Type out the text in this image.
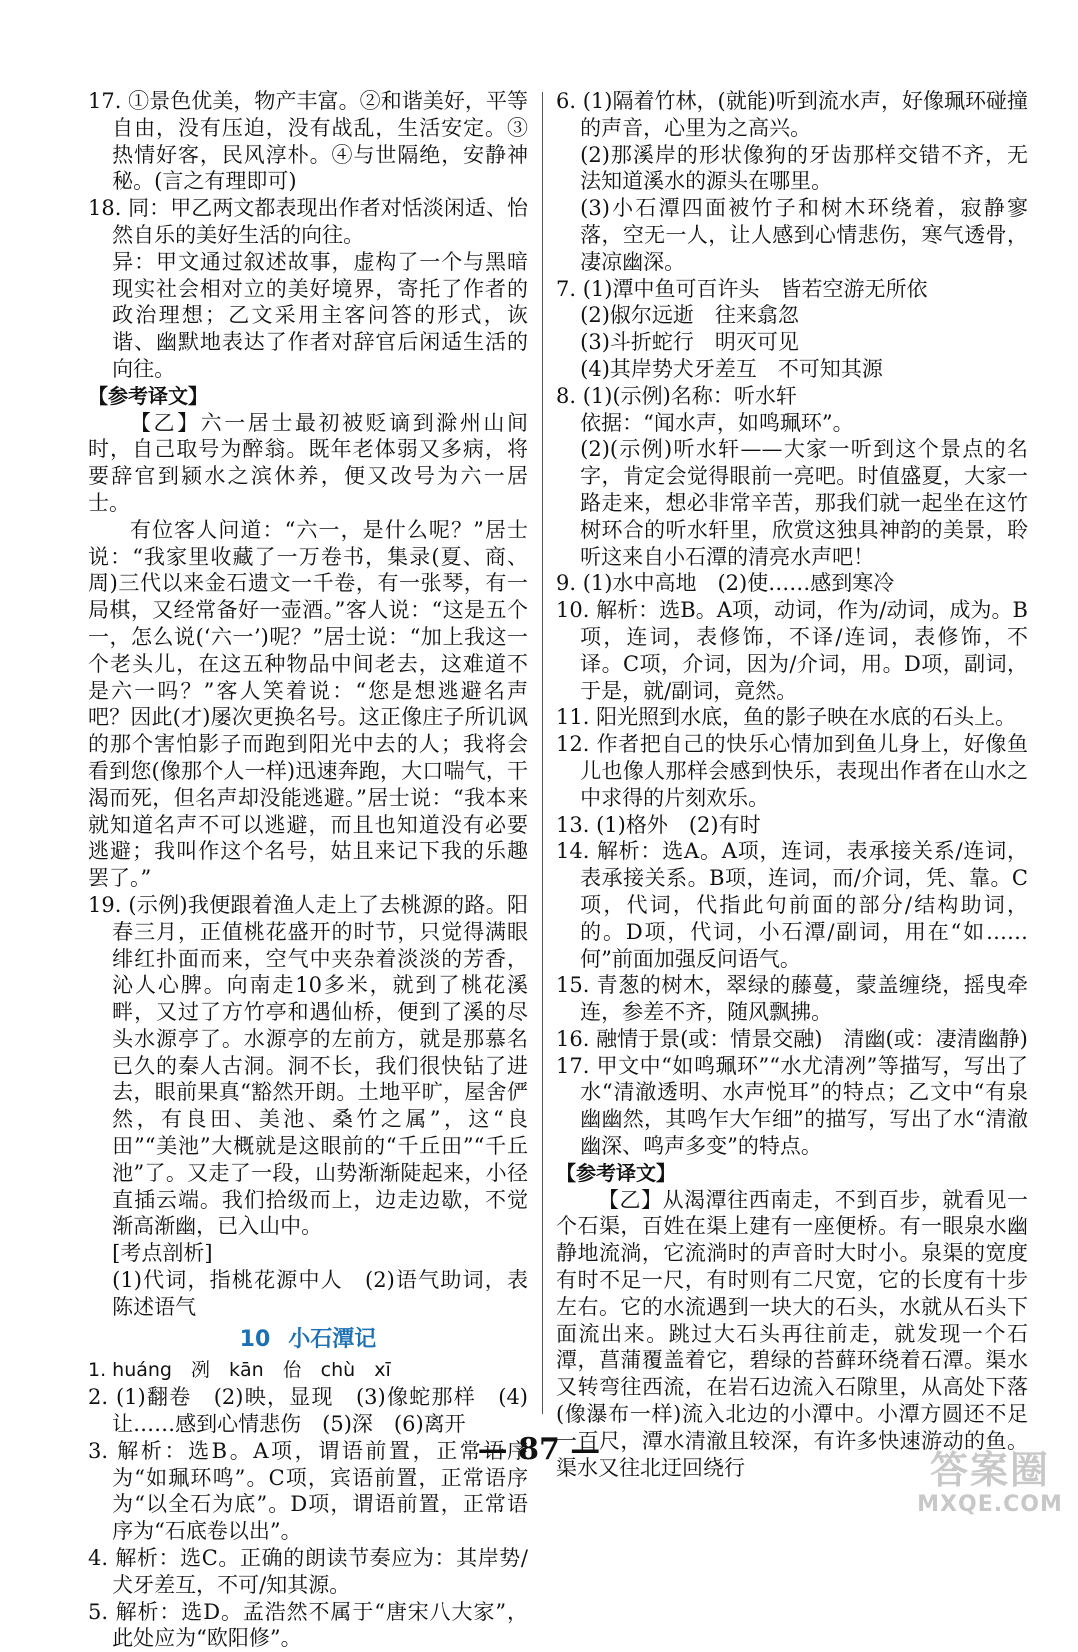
17. ①景色优美，物产丰富。②和谐美好，平等自由，没有压迫，没有战乱，生活安定。③热情好客，民风淳朴。④与世隔绝，安静神秘。(言之有理即可)

18. 同：甲乙两文都表现出作者对恬淡闲适、怡然自乐的美好生活的向往。

异：甲文通过叙述故事，虚构了一个与黑暗现实社会相对立的美好境界，寄托了作者的政治理想；乙文采用主客问答的形式，诙谐、幽默地表达了作者对辞官后闲适生活的向往。

【参考译文】

【乙】六一居士最初被贬谪到滁州山间时，自己取号为醉翁。既年老体弱又多病，将要辞官到颍水之滨休养，便又改号为六一居士。

有位客人问道：“六一，是什么呢？”居士说：“我家里收藏了一万卷书，集录(夏、商、周)三代以来金石遗文一千卷，有一张琴，有一局棋，又经常备好一壶酒。”客人说：“这是五个一，怎么说(‘六一’)呢？”居士说：“加上我这一个老头儿，在这五种物品中间老去，这难道不是六一吗？”客人笑着说：“您是想逃避名声吧？因此(才)屡次更换名号。这正像庄子所讥讽的那个害怕影子而跑到阳光中去的人；我将会看到您(像那个人一样)迅速奔跑，大口喘气，干渴而死，但名声却没能逃避。”居士说：“我本来就知道名声不可以逃避，而且也知道没有必要逃避；我叫作这个名号，姑且来记下我的乐趣罢了。”

19. (示例)我便跟着渔人走上了去桃源的路。阳春三月，正值桃花盛开的时节，只觉得满眼绯红扑面而来，空气中夹杂着淡淡的芳香，沁人心脾。向南走10多米，就到了桃花溪畔，又过了方竹亭和遇仙桥，便到了溪的尽头水源亭了。水源亭的左前方，就是那慕名已久的秦人古洞。洞不长，我们很快钻了进去，眼前果真“豁然开朗。土地平旷，屋舍俨然，有良田、美池、桑竹之属”，这“良田”“美池”大概就是这眼前的“千丘田”“千丘池”了。又走了一段，山势渐渐陡起来，小径直插云端。我们拾级而上，边走边歇，不觉渐高渐幽，已入山中。

[考点剖析]

(1)代词，指桃花源中人　(2)语气助词，表陈述语气

10 小石潭记

1. huáng　冽　kān　佁　chù　xī

2. (1)翻卷　(2)映，显现　(3)像蛇那样　(4)让……感到心情悲伤　(5)深　(6)离开

3. 解析：选B。A项，谓语前置，正常语序为“如珮环鸣”。C项，宾语前置，正常语序为“以全石为底”。D项，谓语前置，正常语序为“石底卷以出”。

4. 解析：选C。正确的朗读节奏应为：其岸势/犬牙差互，不可/知其源。

5. 解析：选D。孟浩然不属于“唐宋八大家”，此处应为“欧阳修”。

6. (1)隔着竹林，(就能)听到流水声，好像珮环碰撞的声音，心里为之高兴。

(2)那溪岸的形状像狗的牙齿那样交错不齐，无法知道溪水的源头在哪里。

(3)小石潭四面被竹子和树木环绕着，寂静寥落，空无一人，让人感到心情悲伤，寒气透骨，凄凉幽深。

7. (1)潭中鱼可百许头　皆若空游无所依

(2)俶尔远逝　往来翕忽

(3)斗折蛇行　明灭可见

(4)其岸势犬牙差互　不可知其源

8. (1)(示例)名称：听水轩

依据：“闻水声，如鸣珮环”。

(2)(示例)听水轩——大家一听到这个景点的名字，肯定会觉得眼前一亮吧。时值盛夏，大家一路走来，想必非常辛苦，那我们就一起坐在这竹树环合的听水轩里，欣赏这独具神韵的美景，聆听这来自小石潭的清亮水声吧！

9. (1)水中高地　(2)使……感到寒冷

10. 解析：选B。A项，动词，作为/动词，成为。B项，连词，表修饰，不译/连词，表修饰，不译。C项，介词，因为/介词，用。D项，副词，于是，就/副词，竟然。

11. 阳光照到水底，鱼的影子映在水底的石头上。

12. 作者把自己的快乐心情加到鱼儿身上，好像鱼儿也像人那样会感到快乐，表现出作者在山水之中求得的片刻欢乐。

13. (1)格外　(2)有时

14. 解析：选A。A项，连词，表承接关系/连词，表承接关系。B项，连词，而/介词，凭、靠。C项，代词，代指此句前面的部分/结构助词，的。D项，代词，小石潭/副词，用在“如……何”前面加强反问语气。

15. 青葱的树木，翠绿的藤蔓，蒙盖缠绕，摇曳牵连，参差不齐，随风飘拂。

16. 融情于景(或：情景交融)　清幽(或：凄清幽静)

17. 甲文中“如鸣珮环”“水尤清冽”等描写，写出了水“清澈透明、水声悦耳”的特点；乙文中“有泉幽幽然，其鸣乍大乍细”的描写，写出了水“清澈幽深、鸣声多变”的特点。

【参考译文】

【乙】从渴潭往西南走，不到百步，就看见一个石渠，百姓在渠上建有一座便桥。有一眼泉水幽静地流淌，它流淌时的声音时大时小。泉渠的宽度有时不足一尺，有时则有二尺宽，它的长度有十步左右。它的水流遇到一块大的石头，水就从石头下面流出来。跳过大石头再往前走，就发现一个石潭，菖蒲覆盖着它，碧绿的苔藓环绕着石潭。渠水又转弯往西流，在岩石边流入石隙里，从高处下落(像瀑布一样)流入北边的小潭中。小潭方圆还不足一百尺，潭水清澈且较深，有许多快速游动的鱼。渠水又往北迂回绕行

— 87 —	答案圈
MXQE.COM
